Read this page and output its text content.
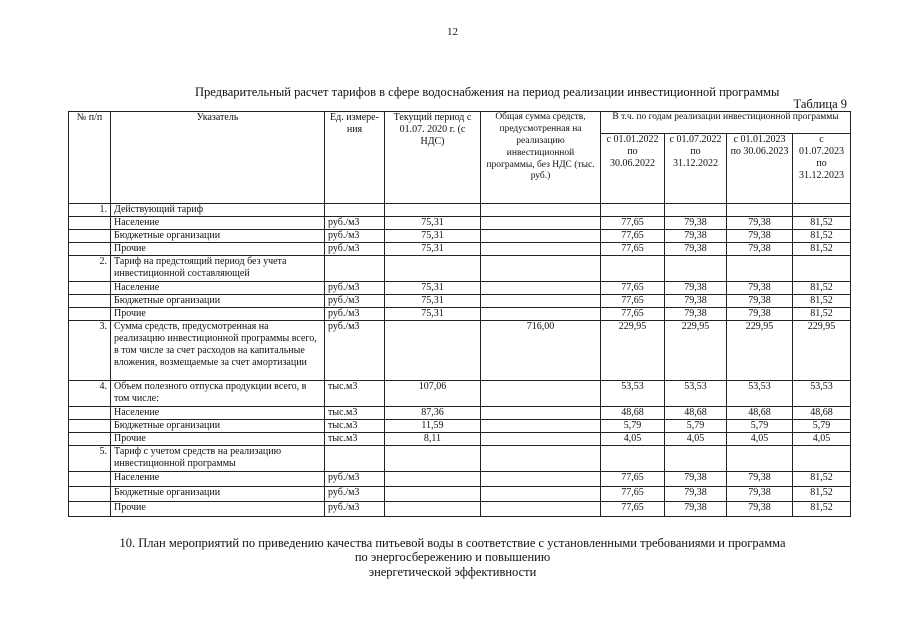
12
Предварительный расчет тарифов в сфере водоснабжения на период реализации инвестиционной программы
Таблица 9
№ п/п	Указатель	Ед. измере- ния	Текущий период с 01.07. 2020 г. (с НДС)	Общая сумма средств, предусмотренная на реализацию инвестиционной программы, без НДС (тыс. руб.)	В т.ч. по годам реализации инвестиционной программы			
					с 01.01.2022 по 30.06.2022	с 01.07.2022 по 31.12.2022	с 01.01.2023 по 30.06.2023	с 01.07.2023 по 31.12.2023
1.	Действующий тариф							
	Население	руб./м3	75,31		77,65	79,38	79,38	81,52
	Бюджетные организации	руб./м3	75,31		77,65	79,38	79,38	81,52
	Прочие	руб./м3	75,31		77,65	79,38	79,38	81,52
2.	Тариф на предстоящий период без учета инвестиционной составляющей							
	Население	руб./м3	75,31		77,65	79,38	79,38	81,52
	Бюджетные организации	руб./м3	75,31		77,65	79,38	79,38	81,52
	Прочие	руб./м3	75,31		77,65	79,38	79,38	81,52
3.	Сумма средств, предусмотренная на реализацию инвестиционной программы всего, в том числе за счет расходов на капитальные вложения, возмещаемые за счет амортизации	руб./м3		716,00	229,95	229,95	229,95	229,95
4.	Объем полезного отпуска продукции всего, в том числе:	тыс.м3	107,06		53,53	53,53	53,53	53,53
	Население	тыс.м3	87,36		48,68	48,68	48,68	48,68
	Бюджетные организации	тыс.м3	11,59		5,79	5,79	5,79	5,79
	Прочие	тыс.м3	8,11		4,05	4,05	4,05	4,05
5.	Тариф с учетом средств на реализацию инвестиционной программы							
	Население	руб./м3			77,65	79,38	79,38	81,52
	Бюджетные организации	руб./м3			77,65	79,38	79,38	81,52
	Прочие	руб./м3			77,65	79,38	79,38	81,52
10. План мероприятий по приведению качества питьевой воды в соответствие с установленными требованиями и программа
по энергосбережению и повышению
энергетической эффективности
